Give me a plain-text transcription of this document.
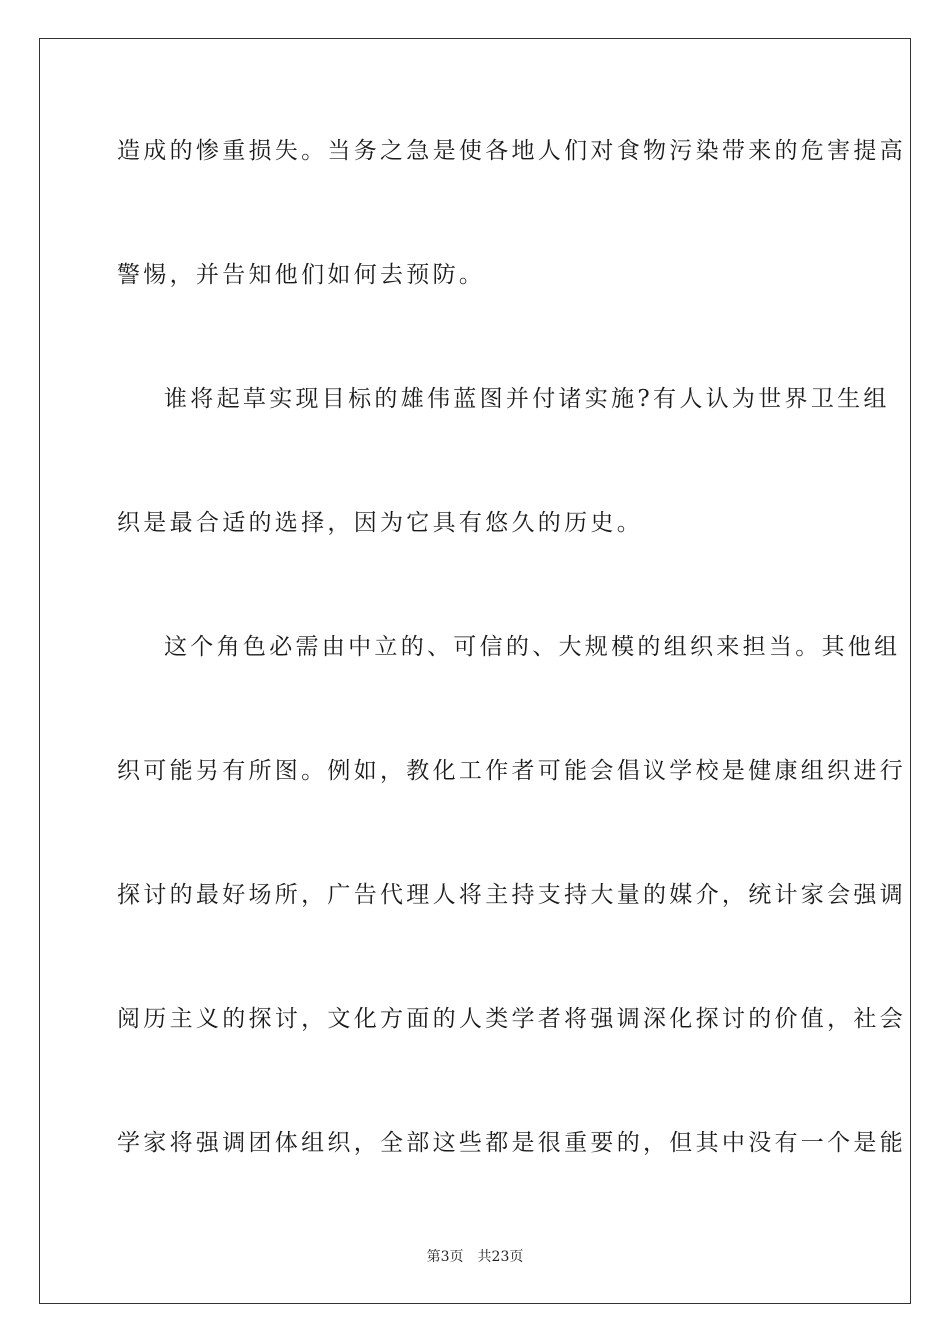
造成的惨重损失。当务之急是使各地人们对食物污染带来的危害提高
警惕，并告知他们如何去预防。
谁将起草实现目标的雄伟蓝图并付诸实施?有人认为世界卫生组
织是最合适的选择，因为它具有悠久的历史。
这个角色必需由中立的、可信的、大规模的组织来担当。其他组
织可能另有所图。例如，教化工作者可能会倡议学校是健康组织进行
探讨的最好场所，广告代理人将主持支持大量的媒介，统计家会强调
阅历主义的探讨，文化方面的人类学者将强调深化探讨的价值，社会
学家将强调团体组织，全部这些都是很重要的，但其中没有一个是能
第3页 共23页
